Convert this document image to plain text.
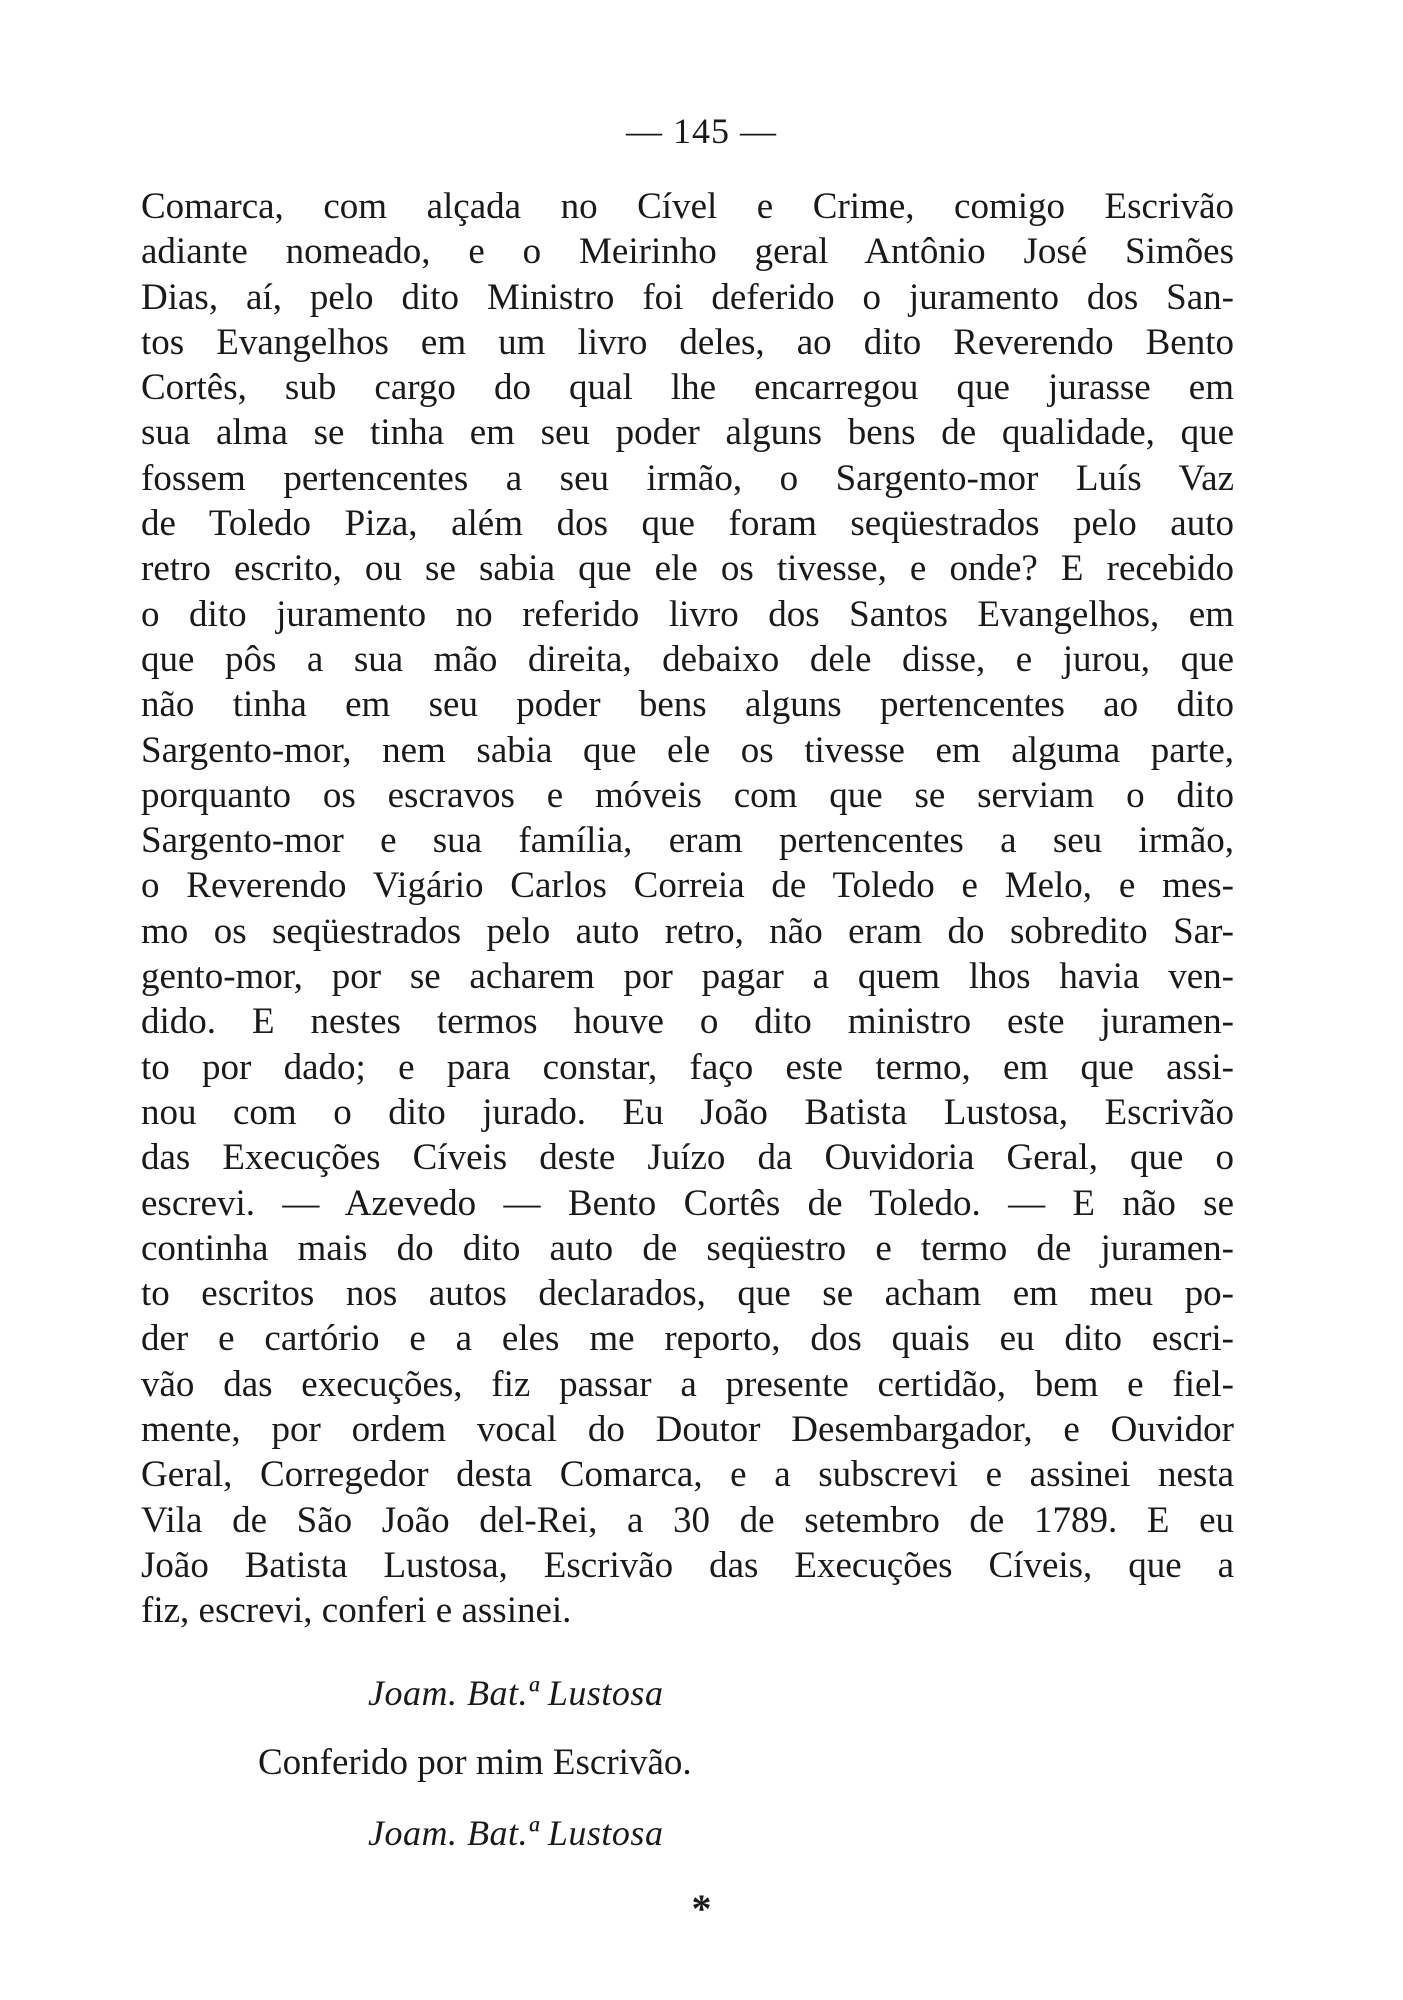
— 145 —
Comarca, com alçada no Cível e Crime, comigo Escrivão
adiante nomeado, e o Meirinho geral Antônio José Simões
Dias, aí, pelo dito Ministro foi deferido o juramento dos San-
tos Evangelhos em um livro deles, ao dito Reverendo Bento
Cortês, sub cargo do qual lhe encarregou que jurasse em
sua alma se tinha em seu poder alguns bens de qualidade, que
fossem pertencentes a seu irmão, o Sargento-mor Luís Vaz
de Toledo Piza, além dos que foram seqüestrados pelo auto
retro escrito, ou se sabia que ele os tivesse, e onde? E recebido
o dito juramento no referido livro dos Santos Evangelhos, em
que pôs a sua mão direita, debaixo dele disse, e jurou, que
não tinha em seu poder bens alguns pertencentes ao dito
Sargento-mor, nem sabia que ele os tivesse em alguma parte,
porquanto os escravos e móveis com que se serviam o dito
Sargento-mor e sua família, eram pertencentes a seu irmão,
o Reverendo Vigário Carlos Correia de Toledo e Melo, e mes-
mo os seqüestrados pelo auto retro, não eram do sobredito Sar-
gento-mor, por se acharem por pagar a quem lhos havia ven-
dido. E nestes termos houve o dito ministro este juramen-
to por dado; e para constar, faço este termo, em que assi-
nou com o dito jurado. Eu João Batista Lustosa, Escrivão
das Execuções Cíveis deste Juízo da Ouvidoria Geral, que o
escrevi. — Azevedo — Bento Cortês de Toledo. — E não se
continha mais do dito auto de seqüestro e termo de juramen-
to escritos nos autos declarados, que se acham em meu po-
der e cartório e a eles me reporto, dos quais eu dito escri-
vão das execuções, fiz passar a presente certidão, bem e fiel-
mente, por ordem vocal do Doutor Desembargador, e Ouvidor
Geral, Corregedor desta Comarca, e a subscrevi e assinei nesta
Vila de São João del-Rei, a 30 de setembro de 1789. E eu
João Batista Lustosa, Escrivão das Execuções Cíveis, que a
fiz, escrevi, conferi e assinei.
Joam. Bat.ª Lustosa
Conferido por mim Escrivão.
Joam. Bat.ª Lustosa
*
